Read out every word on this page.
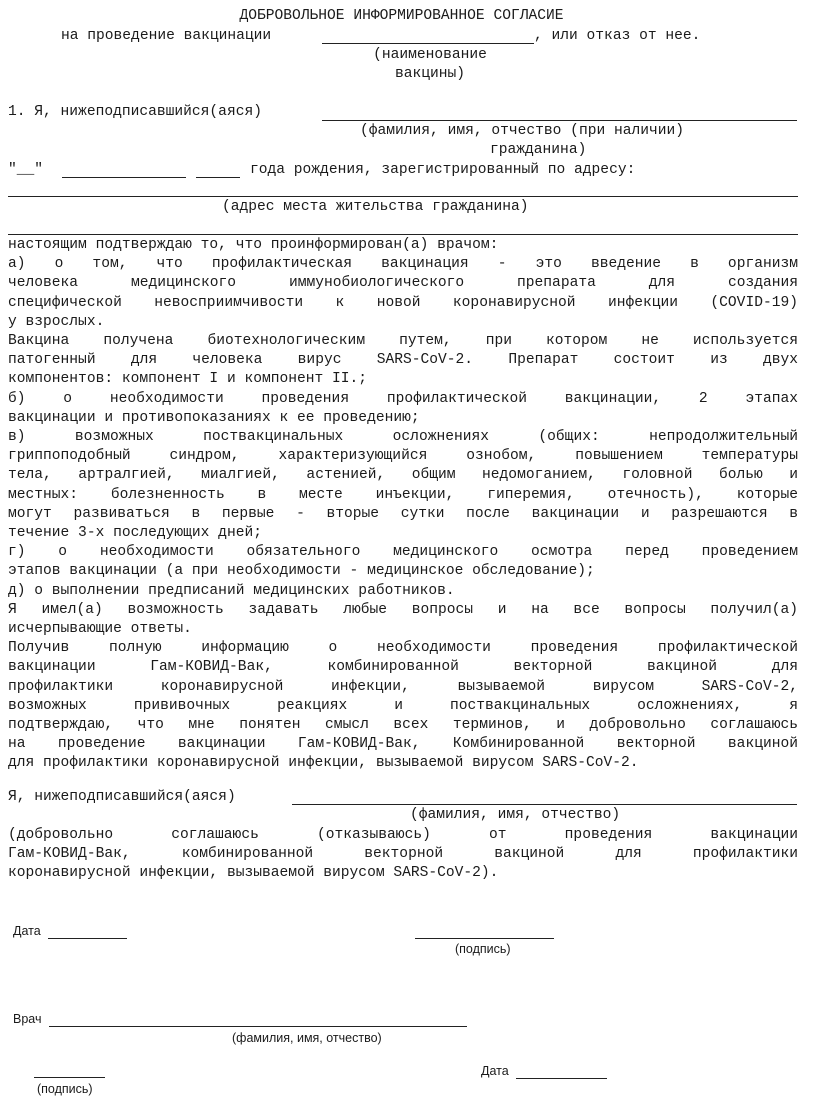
ДОБРОВОЛЬНОЕ ИНФОРМИРОВАННОЕ СОГЛАСИЕ
на проведение вакцинации	, или отказ от нее.
(наименование
вакцины)
1. Я, нижеподписавшийся(аяся)
(фамилия, имя, отчество (при наличии)
гражданина)
"__"	года рождения, зарегистрированный по адресу:
(адрес места жительства гражданина)
настоящим подтверждаю то, что проинформирован(а) врачом:
а) о том, что профилактическая вакцинация - это введение в организм
человека медицинского иммунобиологического препарата для создания
специфической невосприимчивости к новой коронавирусной инфекции (COVID-19)
у взрослых.
Вакцина получена биотехнологическим путем, при котором не используется
патогенный для человека вирус SARS-CoV-2. Препарат состоит из двух
компонентов: компонент I и компонент II.;
б) о необходимости проведения профилактической вакцинации, 2 этапах
вакцинации и противопоказаниях к ее проведению;
в) возможных поствакцинальных осложнениях (общих: непродолжительный
гриппоподобный синдром, характеризующийся ознобом, повышением температуры
тела, артралгией, миалгией, астенией, общим недомоганием, головной болью и
местных: болезненность в месте инъекции, гиперемия, отечность), которые
могут развиваться в первые - вторые сутки после вакцинации и разрешаются в
течение 3-х последующих дней;
г) о необходимости обязательного медицинского осмотра перед проведением
этапов вакцинации (а при необходимости - медицинское обследование);
д) о выполнении предписаний медицинских работников.
Я имел(а) возможность задавать любые вопросы и на все вопросы получил(а)
исчерпывающие ответы.
Получив полную информацию о необходимости проведения профилактической
вакцинации Гам-КОВИД-Вак, комбинированной векторной вакциной для
профилактики коронавирусной инфекции, вызываемой вирусом SARS-CoV-2,
возможных прививочных реакциях и поствакцинальных осложнениях, я
подтверждаю, что мне понятен смысл всех терминов, и добровольно соглашаюсь
на проведение вакцинации Гам-КОВИД-Вак, Комбинированной векторной вакциной
для профилактики коронавирусной инфекции, вызываемой вирусом SARS-CoV-2.
Я, нижеподписавшийся(аяся)
(фамилия, имя, отчество)
(добровольно соглашаюсь (отказываюсь) от проведения вакцинации
Гам-КОВИД-Вак, комбинированной векторной вакциной для профилактики
коронавирусной инфекции, вызываемой вирусом SARS-CoV-2).
Дата
(подпись)
Врач
(фамилия, имя, отчество)
(подпись)
Дата
